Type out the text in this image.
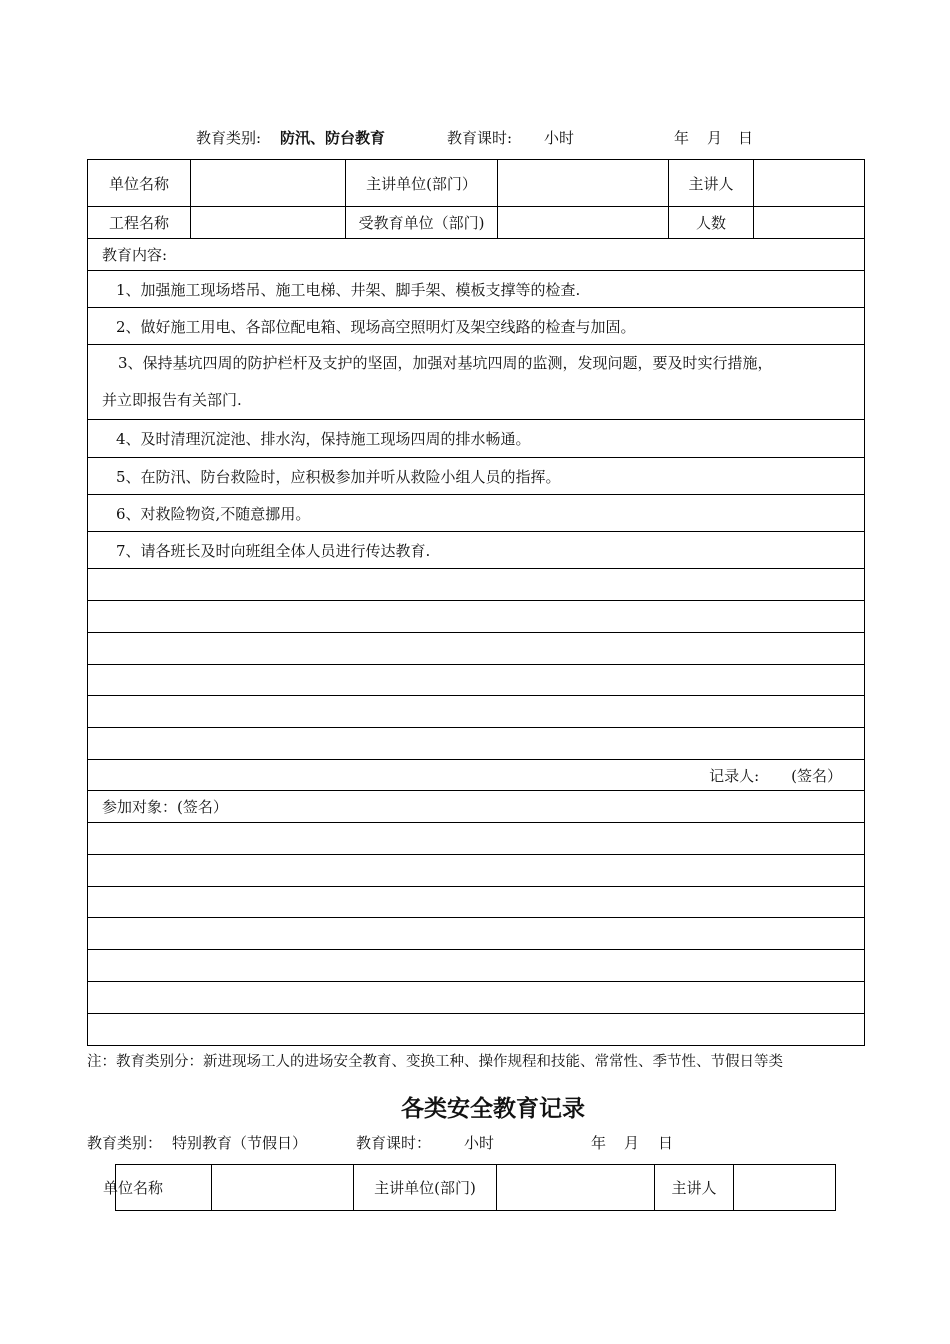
教育类别: 防汛、防台教育	教育课时: 小时	年 月 日
单位名称		主讲单位(部门）		主讲人	
工程名称		受教育单位（部门)		人数	
教育内容:					
1、加强施工现场塔吊、施工电梯、井架、脚手架、模板支撑等的检查.					
2、做好施工用电、各部位配电箱、现场高空照明灯及架空线路的检查与加固。					

3、保持基坑四周的防护栏杆及支护的坚固，加强对基坑四周的监测，发现问题，要及时实行措施，
并立即报告有关部门.					

4、及时清理沉淀池、排水沟，保持施工现场四周的排水畅通。					
5、在防汛、防台救险时，应积极参加并听从救险小组人员的指挥。					
6、对救险物资,不随意挪用。					
7、请各班长及时向班组全体人员进行传达教育.					

记录人: (签名）					
参加对象：(签名）					

注：教育类别分：新进现场工人的进场安全教育、变换工种、操作规程和技能、常常性、季节性、节假日等类
各类安全教育记录
教育类别： 特别教育（节假日）	教育课时： 小时	年 月 日
单位名称		主讲单位(部门)		主讲人	
